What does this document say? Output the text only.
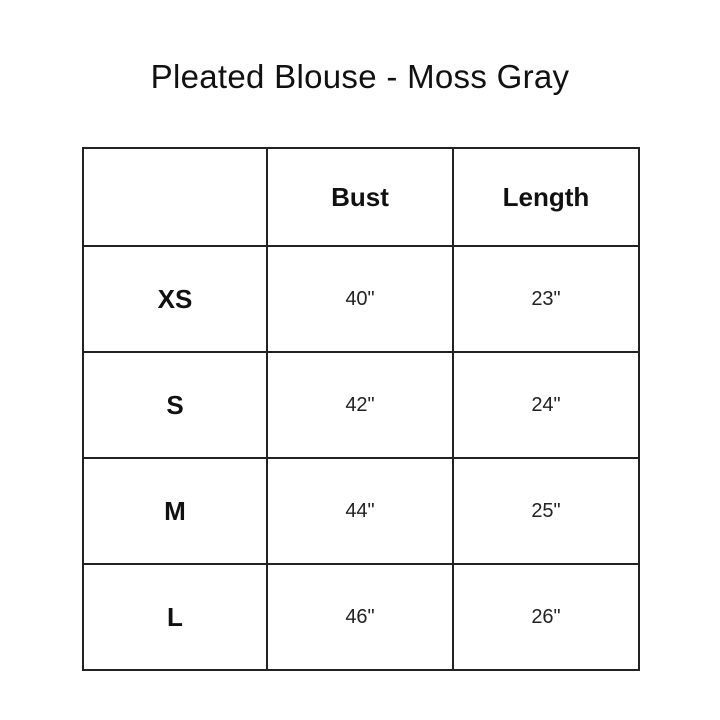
Pleated Blouse - Moss Gray
	Bust	Length
XS	40"	23"
S	42"	24"
M	44"	25"
L	46"	26"
